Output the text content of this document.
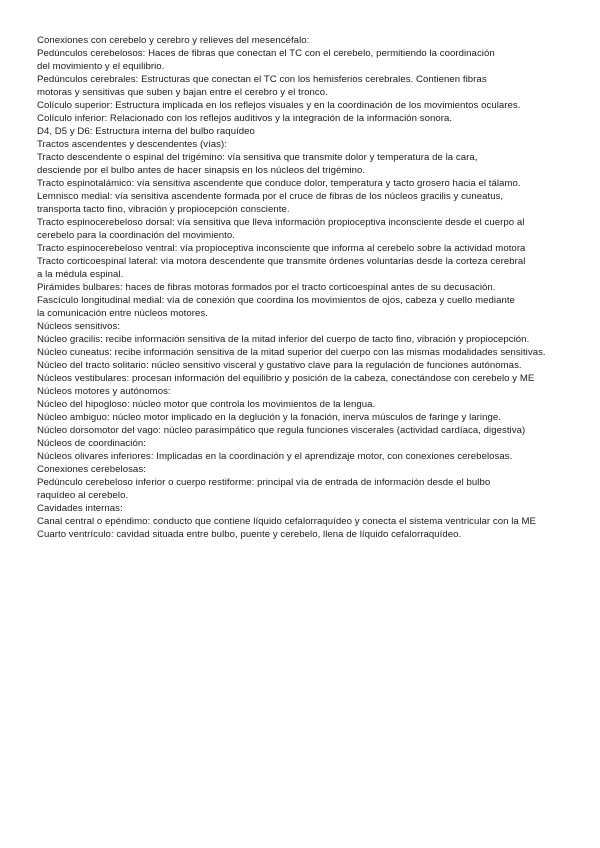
Conexiones con cerebelo y cerebro y relieves del mesencéfalo:

Pedúnculos cerebelosos: Haces de fibras que conectan el TC con el cerebelo, permitiendo la coordinación
del movimiento y el equilibrio.

Pedúnculos cerebrales: Estructuras que conectan el TC con los hemisferios cerebrales. Contienen fibras
motoras y sensitivas que suben y bajan entre el cerebro y el tronco.

Colículo superior: Estructura implicada en los reflejos visuales y en la coordinación de los movimientos oculares.

Colículo inferior: Relacionado con los reflejos auditivos y la integración de la información sonora.

D4, D5 y D6: Estructura interna del bulbo raquídeo

Tractos ascendentes y descendentes (vías):

Tracto descendente o espinal del trigémino: vía sensitiva que transmite dolor y temperatura de la cara,
desciende por el bulbo antes de hacer sinapsis en los núcleos del trigémino.

Tracto espinotalámico: vía sensitiva ascendente que conduce dolor, temperatura y tacto grosero hacia el tálamo.

Lemnisco medial: vía sensitiva ascendente formada por el cruce de fibras de los núcleos gracilis y cuneatus,
transporta tacto fino, vibración y propiocepción consciente.

Tracto espinocerebeloso dorsal: vía sensitiva que lleva información propioceptiva inconsciente desde el cuerpo al
cerebelo para la coordinación del movimiento.

Tracto espinocerebeloso ventral: vía propioceptiva inconsciente que informa al cerebelo sobre la actividad motora

Tracto corticoespinal lateral: vía motora descendente que transmite órdenes voluntarias desde la corteza cerebral
a la médula espinal.

Pirámides bulbares: haces de fibras motoras formados por el tracto corticoespinal antes de su decusación.

Fascículo longitudinal medial: vía de conexión que coordina los movimientos de ojos, cabeza y cuello mediante
la comunicación entre núcleos motores.

Núcleos sensitivos:

Núcleo gracilis: recibe información sensitiva de la mitad inferior del cuerpo de tacto fino, vibración y propiocepción.

Núcleo cuneatus: recibe información sensitiva de la mitad superior del cuerpo con las mismas modalidades sensitivas.

Núcleo del tracto solitario: núcleo sensitivo visceral y gustativo clave para la regulación de funciones autónomas.

Núcleos vestibulares: procesan información del equilibrio y posición de la cabeza, conectándose con cerebelo y ME

Núcleos motores y autónomos:

Núcleo del hipogloso: núcleo motor que controla los movimientos de la lengua.

Núcleo ambiguo: núcleo motor implicado en la deglución y la fonación, inerva músculos de faringe y laringe.

Núcleo dorsomotor del vago: núcleo parasimpático que regula funciones viscerales (actividad cardíaca, digestiva)

Núcleos de coordinación:

Núcleos olivares inferiores: Implicadas en la coordinación y el aprendizaje motor, con conexiones cerebelosas.

Conexiones cerebelosas:

Pedúnculo cerebeloso inferior o cuerpo restiforme: principal vía de entrada de información desde el bulbo
raquídeo al cerebelo.

Cavidades internas:

Canal central o epéndimo: conducto que contiene líquido cefalorraquídeo y conecta el sistema ventricular con la ME

Cuarto ventrículo: cavidad situada entre bulbo, puente y cerebelo, llena de líquido cefalorraquídeo.
